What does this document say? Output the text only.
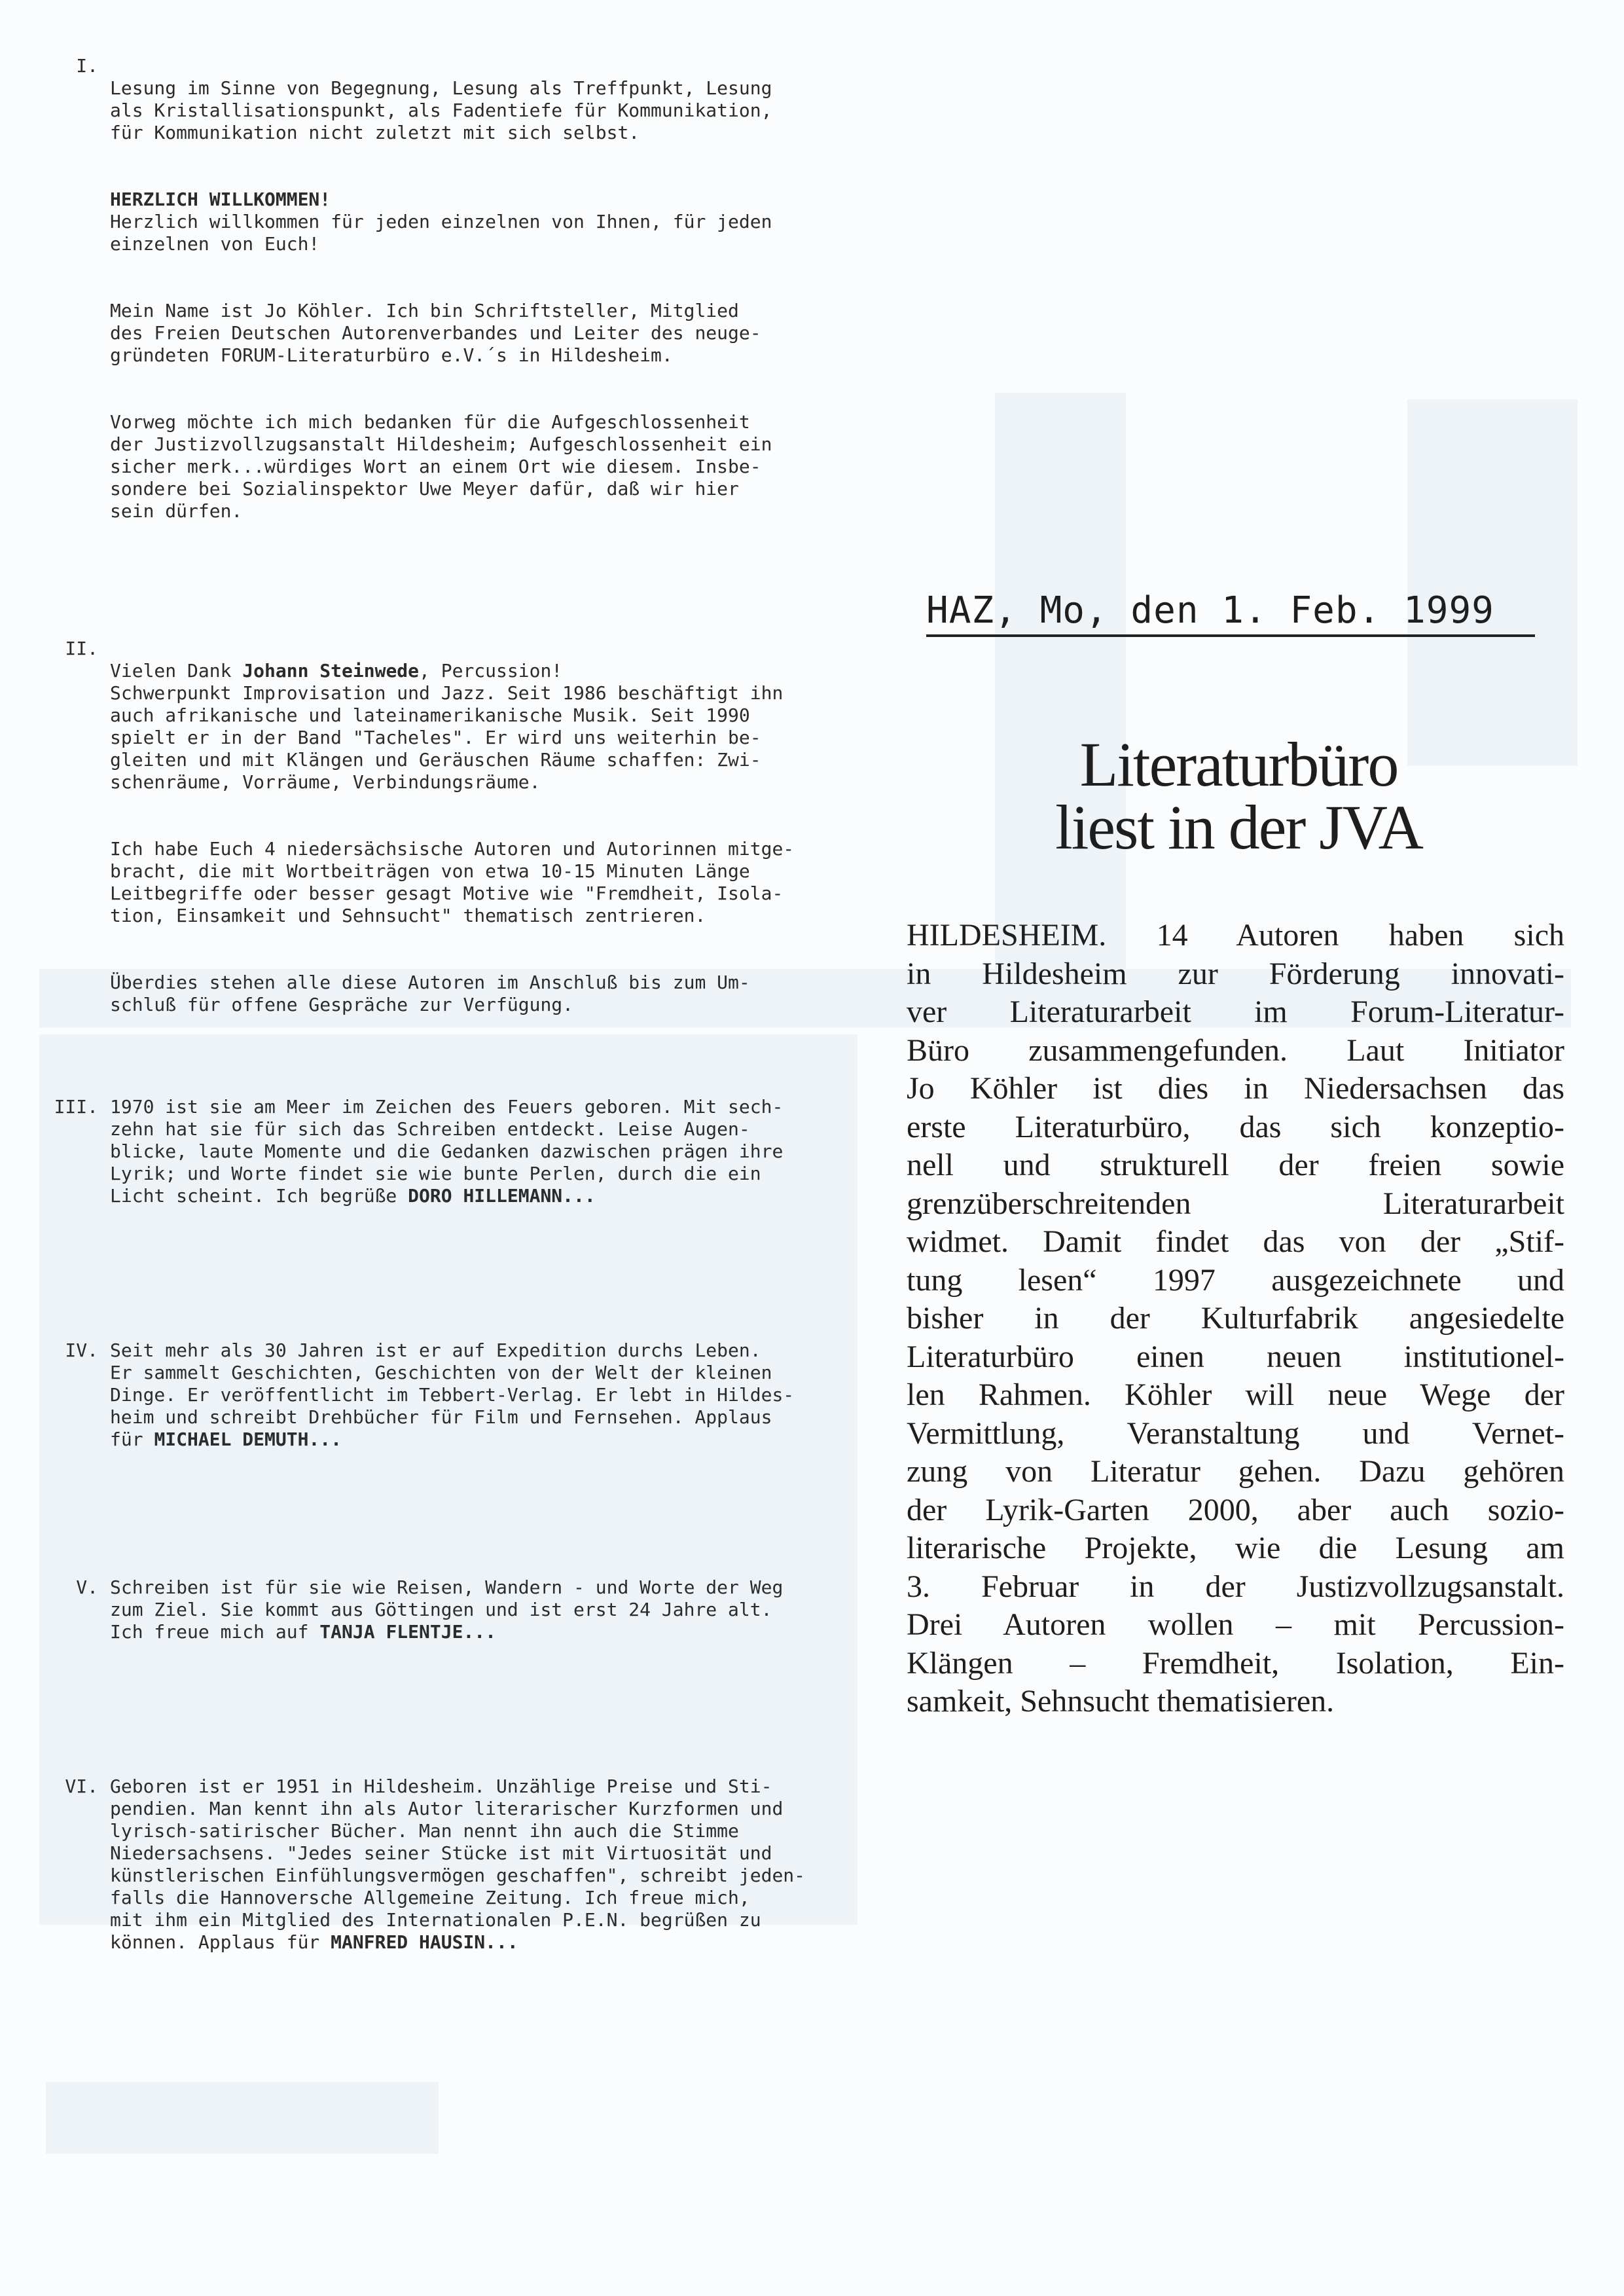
I.

Lesung im Sinne von Begegnung, Lesung als Treffpunkt, Lesung
als Kristallisationspunkt, als Fadentiefe für Kommunikation,
für Kommunikation nicht zuletzt mit sich selbst.

HERZLICH WILLKOMMEN!
Herzlich willkommen für jeden einzelnen von Ihnen, für jeden
einzelnen von Euch!

Mein Name ist Jo Köhler. Ich bin Schriftsteller, Mitglied
des Freien Deutschen Autorenverbandes und Leiter des neuge-
gründeten FORUM-Literaturbüro e.V.´s in Hildesheim.

Vorweg möchte ich mich bedanken für die Aufgeschlossenheit
der Justizvollzugsanstalt Hildesheim; Aufgeschlossenheit ein
sicher merk...würdiges Wort an einem Ort wie diesem. Insbe-
sondere bei Sozialinspektor Uwe Meyer dafür, daß wir hier
sein dürfen.

II.

Vielen Dank Johann Steinwede, Percussion!
Schwerpunkt Improvisation und Jazz. Seit 1986 beschäftigt ihn
auch afrikanische und lateinamerikanische Musik. Seit 1990
spielt er in der Band "Tacheles". Er wird uns weiterhin be-
gleiten und mit Klängen und Geräuschen Räume schaffen: Zwi-
schenräume, Vorräume, Verbindungsräume.

Ich habe Euch 4 niedersächsische Autoren und Autorinnen mitge-
bracht, die mit Wortbeiträgen von etwa 10-15 Minuten Länge
Leitbegriffe oder besser gesagt Motive wie "Fremdheit, Isola-
tion, Einsamkeit und Sehnsucht" thematisch zentrieren.

Überdies stehen alle diese Autoren im Anschluß bis zum Um-
schluß für offene Gespräche zur Verfügung.

III. 1970 ist sie am Meer im Zeichen des Feuers geboren. Mit sech-
zehn hat sie für sich das Schreiben entdeckt. Leise Augen-
blicke, laute Momente und die Gedanken dazwischen prägen ihre
Lyrik; und Worte findet sie wie bunte Perlen, durch die ein
Licht scheint. Ich begrüße DORO HILLEMANN...

IV. Seit mehr als 30 Jahren ist er auf Expedition durchs Leben.
Er sammelt Geschichten, Geschichten von der Welt der kleinen
Dinge. Er veröffentlicht im Tebbert-Verlag. Er lebt in Hildes-
heim und schreibt Drehbücher für Film und Fernsehen. Applaus
für MICHAEL DEMUTH...

V. Schreiben ist für sie wie Reisen, Wandern - und Worte der Weg
zum Ziel. Sie kommt aus Göttingen und ist erst 24 Jahre alt.
Ich freue mich auf TANJA FLENTJE...

VI. Geboren ist er 1951 in Hildesheim. Unzählige Preise und Sti-
pendien. Man kennt ihn als Autor literarischer Kurzformen und
lyrisch-satirischer Bücher. Man nennt ihn auch die Stimme
Niedersachsens. "Jedes seiner Stücke ist mit Virtuosität und
künstlerischen Einfühlungsvermögen geschaffen", schreibt jeden-
falls die Hannoversche Allgemeine Zeitung. Ich freue mich,
mit ihm ein Mitglied des Internationalen P.E.N. begrüßen zu
können. Applaus für MANFRED HAUSIN...

HAZ, Mo, den 1. Feb. 1999
Literaturbüro
liest in der JVA
HILDESHEIM. 14 Autoren haben sich
in Hildesheim zur Förderung innovati-
ver Literaturarbeit im Forum-Literatur-
Büro zusammengefunden. Laut Initiator
Jo Köhler ist dies in Niedersachsen das
erste Literaturbüro, das sich konzeptio-
nell und strukturell der freien sowie
grenzüberschreitenden Literaturarbeit
widmet. Damit findet das von der „Stif-
tung lesen“ 1997 ausgezeichnete und
bisher in der Kulturfabrik angesiedelte
Literaturbüro einen neuen institutionel-
len Rahmen. Köhler will neue Wege der
Vermittlung, Veranstaltung und Vernet-
zung von Literatur gehen. Dazu gehören
der Lyrik-Garten 2000, aber auch sozio-
literarische Projekte, wie die Lesung am
3. Februar in der Justizvollzugsanstalt.
Drei Autoren wollen – mit Percussion-
Klängen – Fremdheit, Isolation, Ein-
samkeit, Sehnsucht thematisieren.
